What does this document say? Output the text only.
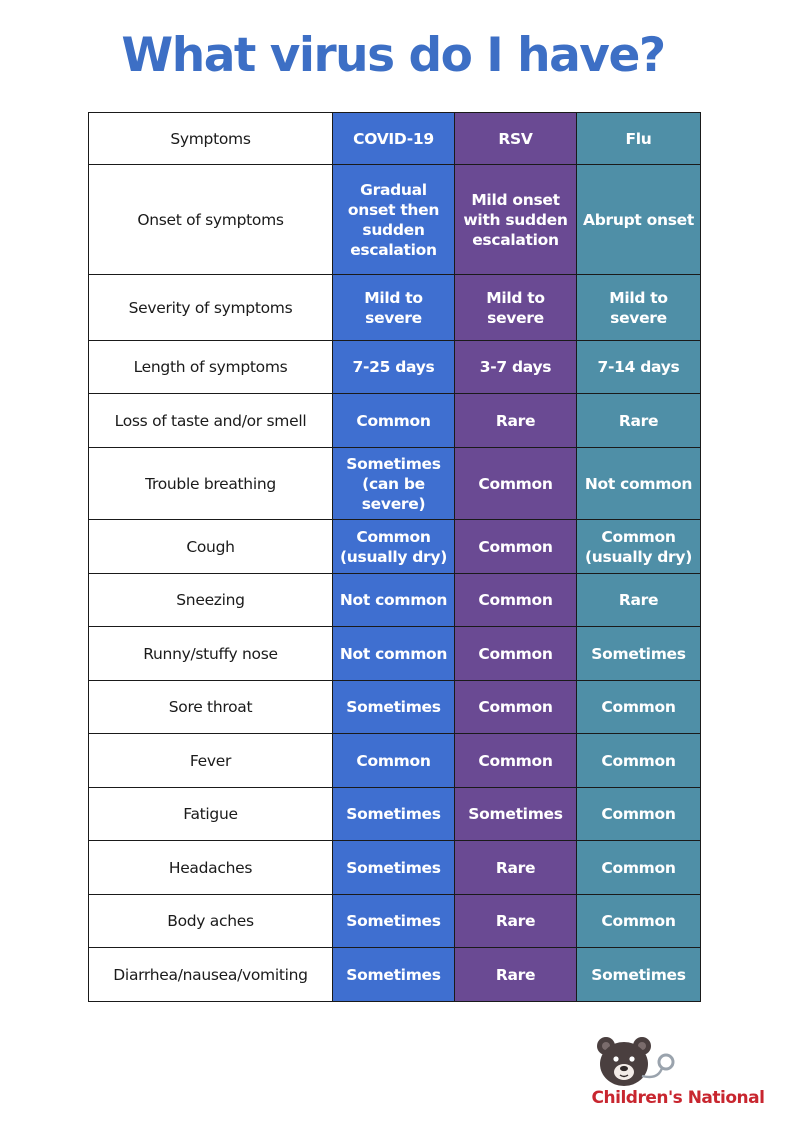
What virus do I have?
Symptoms	COVID-19	RSV	Flu
Onset of symptoms	Gradual onset then sudden escalation	Mild onset with sudden escalation	Abrupt onset
Severity of symptoms	Mild to severe	Mild to severe	Mild to severe
Length of symptoms	7-25 days	3-7 days	7-14 days
Loss of taste and/or smell	Common	Rare	Rare
Trouble breathing	Sometimes (can be severe)	Common	Not common
Cough	Common (usually dry)	Common	Common (usually dry)
Sneezing	Not common	Common	Rare
Runny/stuffy nose	Not common	Common	Sometimes
Sore throat	Sometimes	Common	Common
Fever	Common	Common	Common
Fatigue	Sometimes	Sometimes	Common
Headaches	Sometimes	Rare	Common
Body aches	Sometimes	Rare	Common
Diarrhea/nausea/vomiting	Sometimes	Rare	Sometimes
Children's National
